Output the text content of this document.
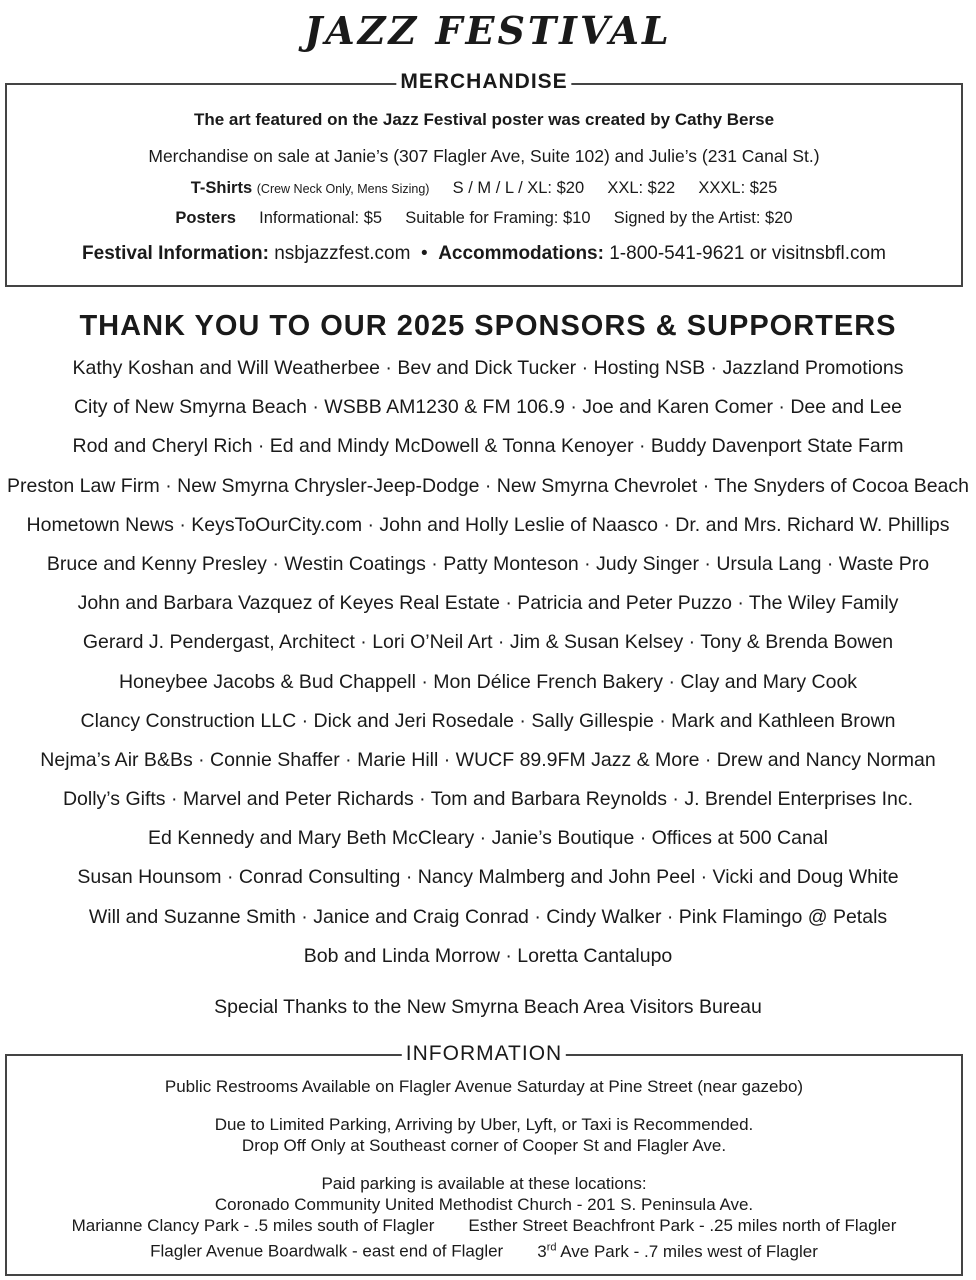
JAZZ FESTIVAL
MERCHANDISE
The art featured on the Jazz Festival poster was created by Cathy Berse
Merchandise on sale at Janie’s (307 Flagler Ave, Suite 102) and Julie’s (231 Canal St.)
T-Shirts (Crew Neck Only, Mens Sizing) S / M / L / XL: $20 XXL: $22 XXXL: $25
Posters Informational: $5 Suitable for Framing: $10 Signed by the Artist: $20
Festival Information: nsbjazzfest.com • Accommodations: 1-800-541-9621 or visitnsbfl.com
THANK YOU TO OUR 2025 SPONSORS & SUPPORTERS
Kathy Koshan and Will Weatherbee · Bev and Dick Tucker · Hosting NSB · Jazzland Promotions
City of New Smyrna Beach · WSBB AM1230 & FM 106.9 · Joe and Karen Comer · Dee and Lee
Rod and Cheryl Rich · Ed and Mindy McDowell & Tonna Kenoyer · Buddy Davenport State Farm
Preston Law Firm · New Smyrna Chrysler-Jeep-Dodge · New Smyrna Chevrolet · The Snyders of Cocoa Beach
Hometown News · KeysToOurCity.com · John and Holly Leslie of Naasco · Dr. and Mrs. Richard W. Phillips
Bruce and Kenny Presley · Westin Coatings · Patty Monteson · Judy Singer · Ursula Lang · Waste Pro
John and Barbara Vazquez of Keyes Real Estate · Patricia and Peter Puzzo · The Wiley Family
Gerard J. Pendergast, Architect · Lori O’Neil Art · Jim & Susan Kelsey · Tony & Brenda Bowen
Honeybee Jacobs & Bud Chappell · Mon Délice French Bakery · Clay and Mary Cook
Clancy Construction LLC · Dick and Jeri Rosedale · Sally Gillespie · Mark and Kathleen Brown
Nejma’s Air B&Bs · Connie Shaffer · Marie Hill · WUCF 89.9FM Jazz & More · Drew and Nancy Norman
Dolly’s Gifts · Marvel and Peter Richards · Tom and Barbara Reynolds · J. Brendel Enterprises Inc.
Ed Kennedy and Mary Beth McCleary · Janie’s Boutique · Offices at 500 Canal
Susan Hounsom · Conrad Consulting · Nancy Malmberg and John Peel · Vicki and Doug White
Will and Suzanne Smith · Janice and Craig Conrad · Cindy Walker · Pink Flamingo @ Petals
Bob and Linda Morrow · Loretta Cantalupo
Special Thanks to the New Smyrna Beach Area Visitors Bureau
INFORMATION
Public Restrooms Available on Flagler Avenue Saturday at Pine Street (near gazebo)
Due to Limited Parking, Arriving by Uber, Lyft, or Taxi is Recommended.
Drop Off Only at Southeast corner of Cooper St and Flagler Ave.
Paid parking is available at these locations:
Coronado Community United Methodist Church - 201 S. Peninsula Ave.
Marianne Clancy Park - .5 miles south of Flagler Esther Street Beachfront Park - .25 miles north of Flagler
Flagler Avenue Boardwalk - east end of Flagler 3rd Ave Park - .7 miles west of Flagler
